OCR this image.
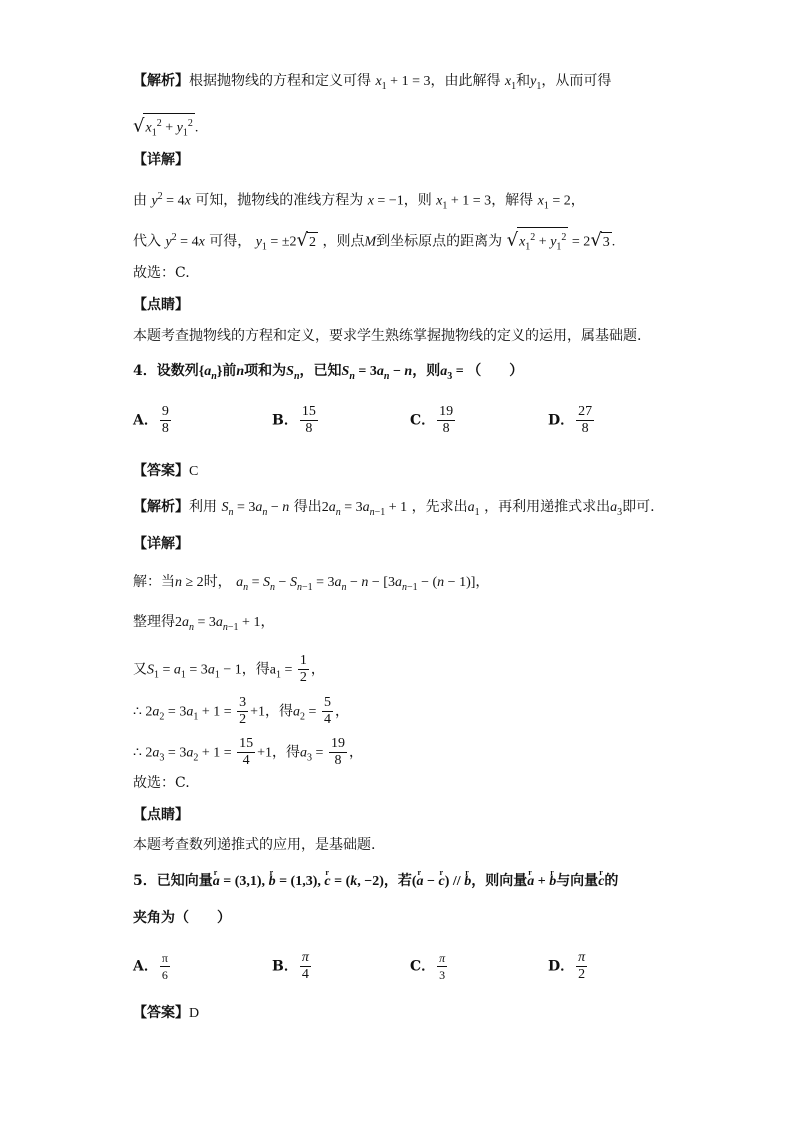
【解析】根据抛物线的方程和定义可得 $x_1 + 1 = 3$，由此解得 $x_1$和$y_1$，从而可得
$√x_1^2 + y_1^2$ .
【详解】
由 $y^2 = 4x$ 可知，抛物线的准线方程为 x = −1，则 $x_1 + 1 = 3$，解得 $x_1 = 2$，
代入 $y^2 = 4x$ 可得， $y_1 = \pm 2√2$ ，则点M到坐标原点的距离为 $√x_1^2 + y_1^2 = 2√3$ .
故选：C.
【点睛】
本题考查抛物线的方程和定义，要求学生熟练掌握抛物线的定义的运用，属基础题.
4．设数列$\{a_n\}$前n项和为$S_n$，已知$S_n = 3a_n - n$，则$a_3$ = （　　）
A． $\frac{9}{8}$	B． $\frac{15}{8}$	C． $\frac{19}{8}$	D． $\frac{27}{8}$
【答案】C
【解析】利用 $S_n = 3a_n - n$ 得出$2a_n = 3a_{n-1} + 1$ ，先求出$a_1$ ，再利用递推式求出$a_3$即可.
【详解】
解：当n ≥ 2时， $a_n = S_n - S_{n-1} = 3a_n - n - [3a_{n-1} - (n - 1)]$，
整理得$2a_n = 3a_{n-1} + 1$，
又$S_1 = a_1 = 3a_1 - 1$，得$a_1 = \frac{1}{2}$ ，
∴ $2a_2 = 3a_1 + 1 = \frac{3}{2} +1$，得$a_2 = \frac{5}{4}$ ，
∴ $2a_3 = 3a_2 + 1 = \frac{15}{4} +1$，得$a_3 = \frac{19}{8}$ ，
故选：C.
【点睛】
本题考查数列递推式的应用，是基础题.
5．已知向量r a = (3,1), r b = (1,3), r c = (k, −2)，若(r a − r c) // r b，则向量r a + r b与向量r c的
夹角为（　　）
A． $\frac{\pi}{6}$	B． $\frac{\pi}{4}$	C． $\frac{\pi}{3}$	D． $\frac{\pi}{2}$
【答案】D
